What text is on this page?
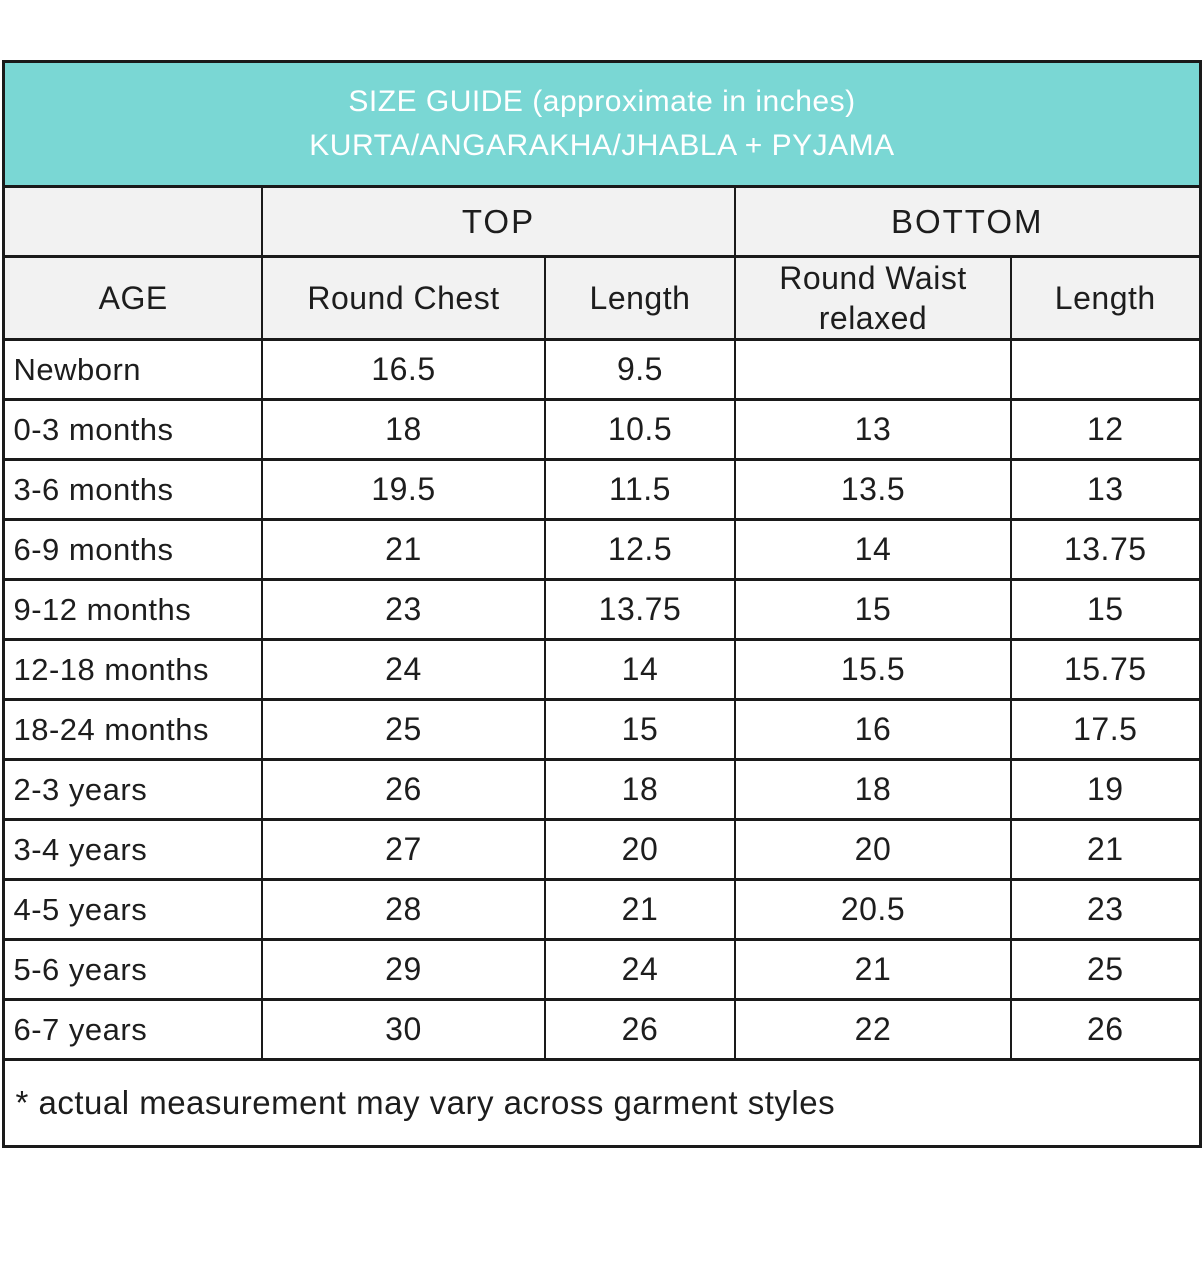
SIZE GUIDE (approximate in inches)
KURTA/ANGARAKHA/JHABLA + PYJAMA				

	TOP		BOTTOM	
AGE	Round Chest	Length	Round Waist relaxed	Length
Newborn	16.5	9.5		
0-3 months	18	10.5	13	12
3-6 months	19.5	11.5	13.5	13
6-9 months	21	12.5	14	13.75
9-12 months	23	13.75	15	15
12-18 months	24	14	15.5	15.75
18-24 months	25	15	16	17.5
2-3 years	26	18	18	19
3-4 years	27	20	20	21
4-5 years	28	21	20.5	23
5-6 years	29	24	21	25
6-7 years	30	26	22	26
* actual measurement may vary across garment styles				
